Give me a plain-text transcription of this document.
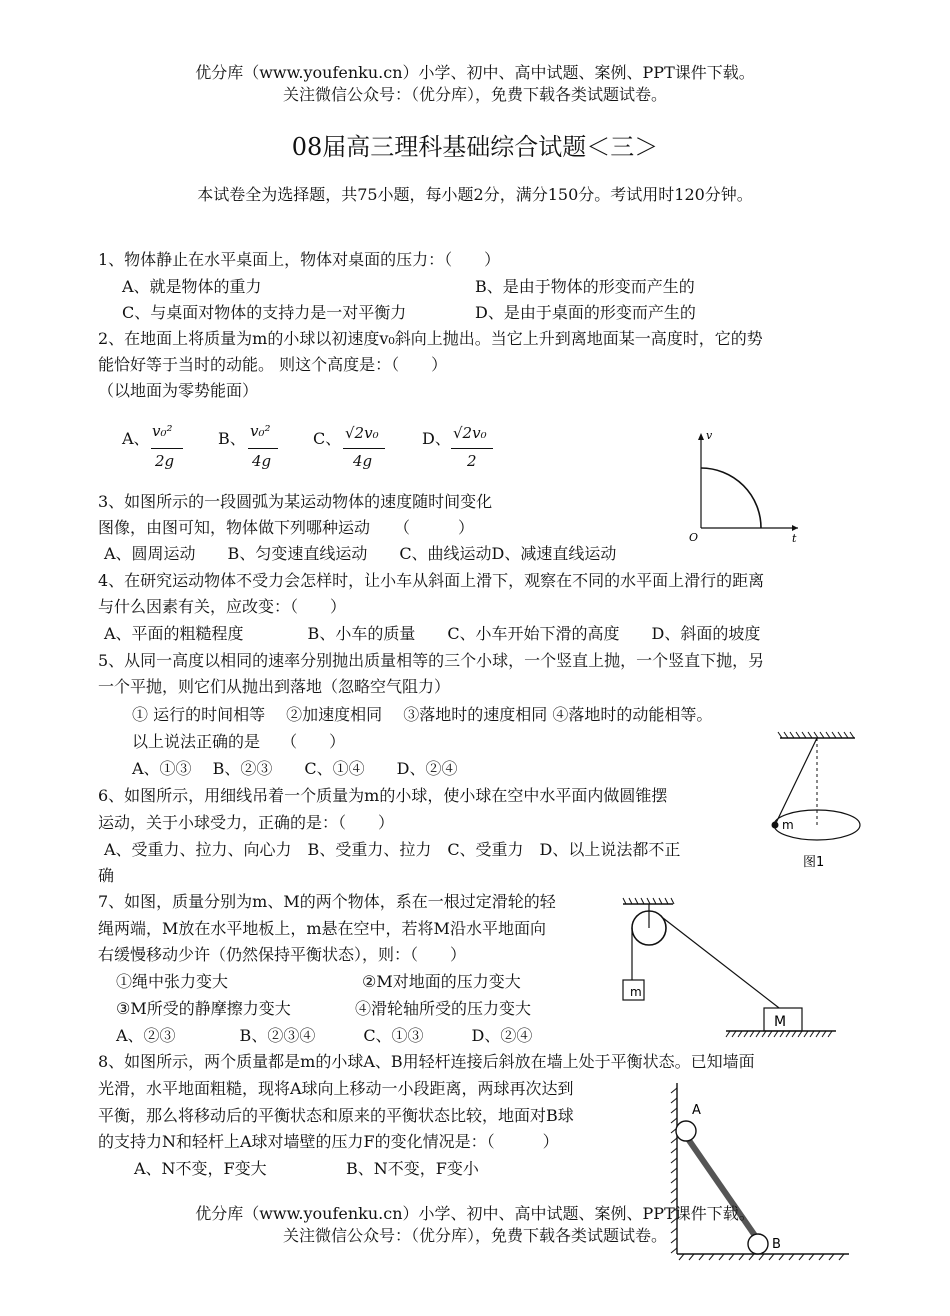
优分库（www.youfenku.cn）小学、初中、高中试题、案例、PPT课件下载。
关注微信公众号：（优分库），免费下载各类试题试卷。
08届高三理科基础综合试题＜三＞
本试卷全为选择题，共75小题，每小题2分，满分150分。考试用时120分钟。
1、物体静止在水平桌面上，物体对桌面的压力：（　　）
A、就是物体的重力	B、是由于物体的形变而产生的
C、与桌面对物体的支持力是一对平衡力	D、是由于桌面的形变而产生的
2、在地面上将质量为m的小球以初速度v₀斜向上抛出。当它上升到离地面某一高度时，它的势
能恰好等于当时的动能。 则这个高度是：（　　）
（以地面为零势能面）
A、 v₀²
2g
B、 v₀²
4g
C、 √2v₀
4g
D、 √2v₀
2
v
O	t
3、如图所示的一段圆弧为某运动物体的速度随时间变化
图像，由图可知，物体做下列哪种运动　　（　　　）
A、圆周运动　　B、匀变速直线运动　　C、曲线运动D、减速直线运动
4、在研究运动物体不受力会怎样时，让小车从斜面上滑下，观察在不同的水平面上滑行的距离
与什么因素有关，应改变：（　　）
A、平面的粗糙程度　　　　B、小车的质量　　C、小车开始下滑的高度　　D、斜面的坡度
5、从同一高度以相同的速率分别抛出质量相等的三个小球，一个竖直上抛，一个竖直下抛，另
一个平抛，则它们从抛出到落地（忽略空气阻力）
① 运行的时间相等　 ②加速度相同　 ③落地时的速度相同 ④落地时的动能相等。
以上说法正确的是　 （　　）
A、①③　 B、②③　　C、①④　　D、②④
m
图1
6、如图所示，用细线吊着一个质量为m的小球，使小球在空中水平面内做圆锥摆
运动，关于小球受力，正确的是：（　　）
A、受重力、拉力、向心力　B、受重力、拉力　C、受重力　D、以上说法都不正
确
m
M
7、如图，质量分别为m、M的两个物体，系在一根过定滑轮的轻
绳两端，M放在水平地板上，m悬在空中，若将M沿水平地面向
右缓慢移动少许（仍然保持平衡状态），则：（　　）
①绳中张力变大	②M对地面的压力变大
③M所受的静摩擦力变大	④滑轮轴所受的压力变大
A、②③　　　　B、②③④　　　C、①③　　　D、②④
A
B
8、如图所示，两个质量都是m的小球A、B用轻杆连接后斜放在墙上处于平衡状态。已知墙面
光滑，水平地面粗糙，现将A球向上移动一小段距离，两球再次达到
平衡，那么将移动后的平衡状态和原来的平衡状态比较，地面对B球
的支持力N和轻杆上A球对墙壁的压力F的变化情况是：（　　　）
A、N不变，F变大	B、N不变，F变小
优分库（www.youfenku.cn）小学、初中、高中试题、案例、PPT课件下载。
关注微信公众号：（优分库），免费下载各类试题试卷。
